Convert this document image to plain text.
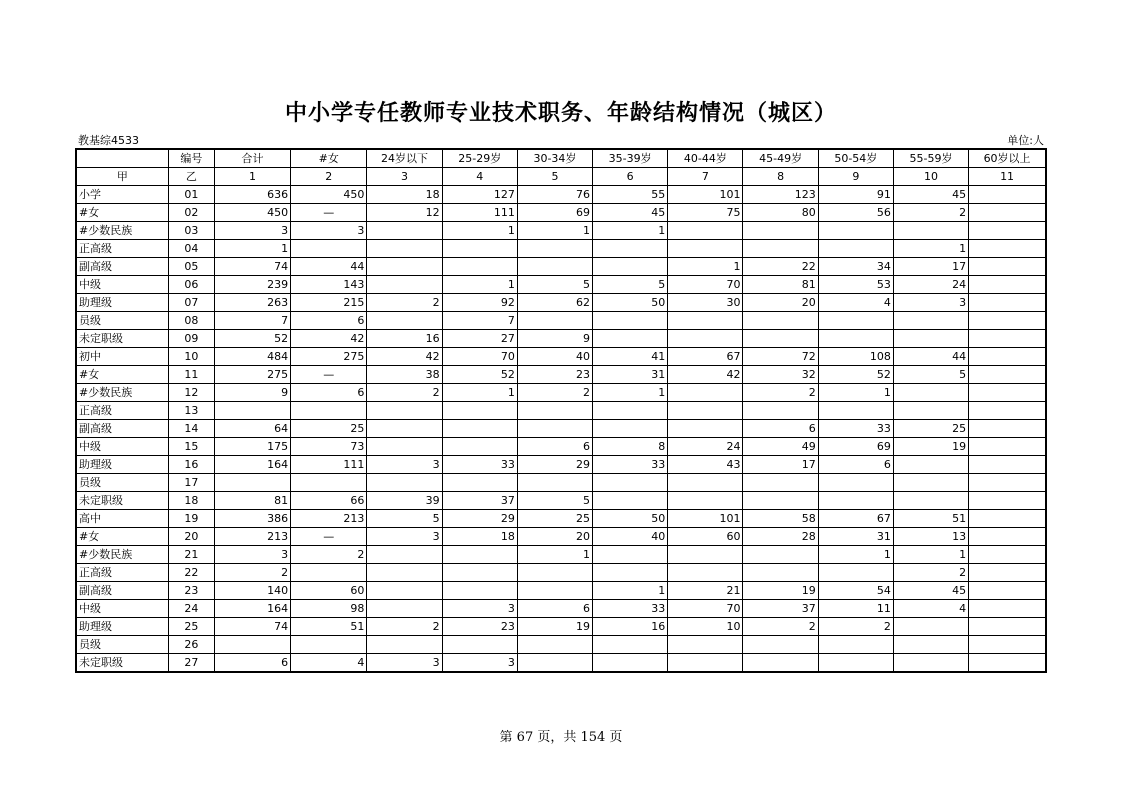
中小学专任教师专业技术职务、年龄结构情况（城区）
教基综4533	单位:人
	编号	合计	#女	24岁以下	25-29岁	30-34岁	35-39岁	40-44岁	45-49岁	50-54岁	55-59岁	60岁以上
甲	乙	1	2	3	4	5	6	7	8	9	10	11
小学	01	636	450	18	127	76	55	101	123	91	45	
#女	02	450	—	12	111	69	45	75	80	56	2	
#少数民族	03	3	3		1	1	1					
正高级	04	1									1	
副高级	05	74	44					1	22	34	17	
中级	06	239	143		1	5	5	70	81	53	24	
助理级	07	263	215	2	92	62	50	30	20	4	3	
员级	08	7	6		7							
未定职级	09	52	42	16	27	9						
初中	10	484	275	42	70	40	41	67	72	108	44	
#女	11	275	—	38	52	23	31	42	32	52	5	
#少数民族	12	9	6	2	1	2	1		2	1		
正高级	13											
副高级	14	64	25						6	33	25	
中级	15	175	73			6	8	24	49	69	19	
助理级	16	164	111	3	33	29	33	43	17	6		
员级	17											
未定职级	18	81	66	39	37	5						
高中	19	386	213	5	29	25	50	101	58	67	51	
#女	20	213	—	3	18	20	40	60	28	31	13	
#少数民族	21	3	2			1				1	1	
正高级	22	2									2	
副高级	23	140	60				1	21	19	54	45	
中级	24	164	98		3	6	33	70	37	11	4	
助理级	25	74	51	2	23	19	16	10	2	2		
员级	26											
未定职级	27	6	4	3	3							
第 67 页，共 154 页
